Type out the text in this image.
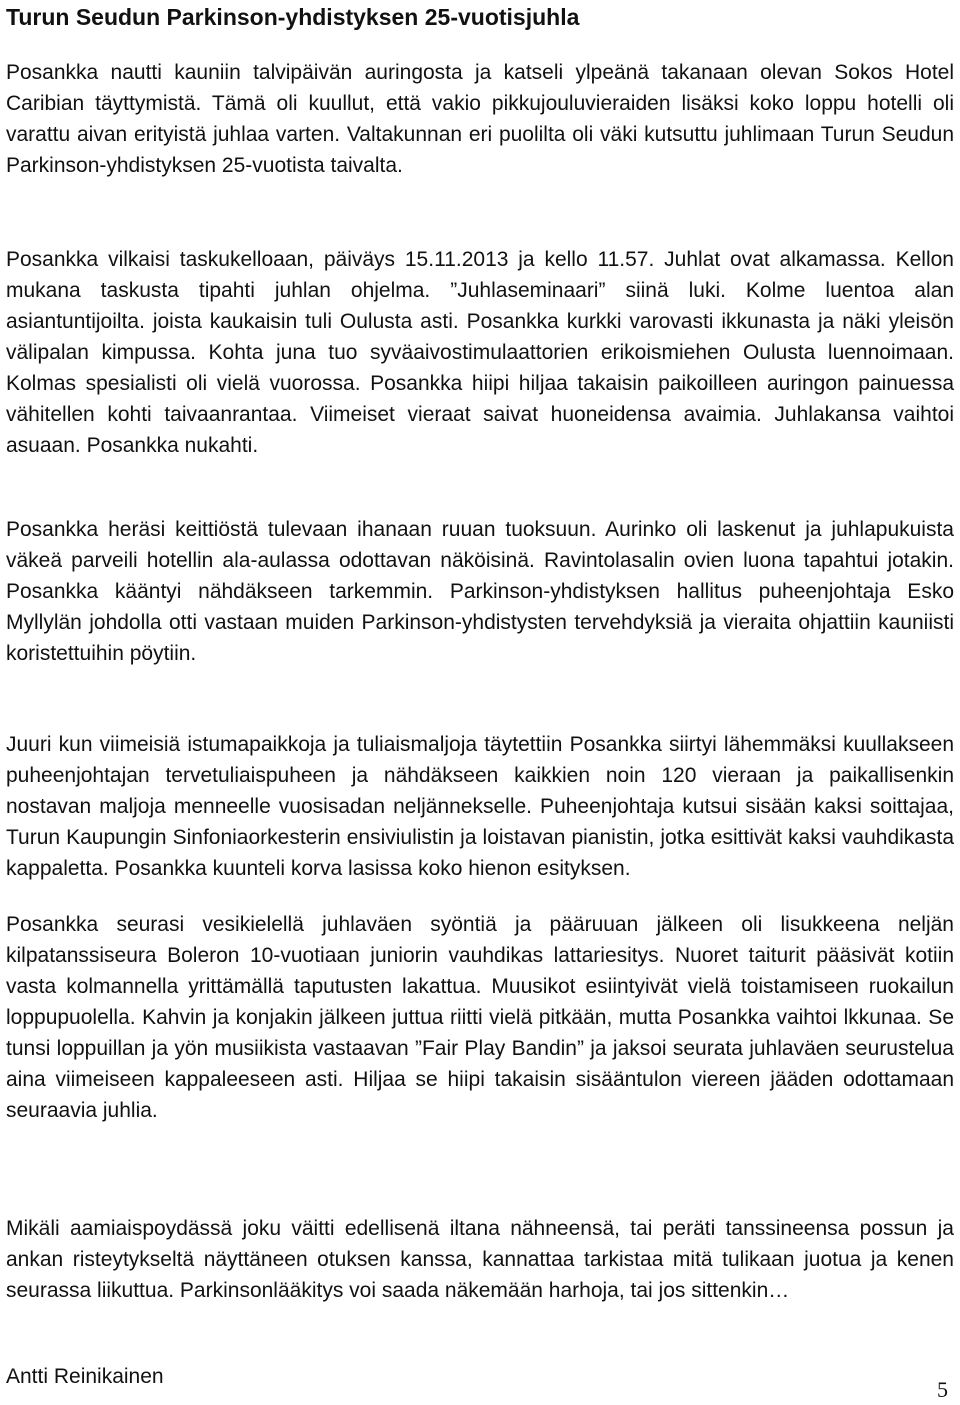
Turun Seudun Parkinson-yhdistyksen 25-vuotisjuhla

Posankka nautti kauniin talvipäivän auringosta ja katseli ylpeänä takanaan olevan Sokos Hotel Caribian täyttymistä. Tämä oli kuullut, että vakio pikkujouluvieraiden lisäksi koko loppu hotelli oli varattu aivan erityistä juhlaa varten. Valtakunnan eri puolilta oli väki kutsuttu juhlimaan Turun Seudun Parkinson-yhdistyksen 25-vuotista taivalta.

Posankka vilkaisi taskukelloaan, päiväys 15.11.2013 ja kello 11.57. Juhlat ovat alkamassa. Kellon mukana taskusta tipahti juhlan ohjelma. ”Juhlaseminaari” siinä luki. Kolme luentoa alan asiantuntijoilta. joista kaukaisin tuli Oulusta asti. Posankka kurkki varovasti ikkunasta ja näki yleisön välipalan kimpussa. Kohta juna tuo syväaivostimulaattorien erikoismiehen Oulusta luennoimaan. Kolmas spesialisti oli vielä vuorossa. Posankka hiipi hiljaa takaisin paikoilleen auringon painuessa vähitellen kohti taivaanrantaa. Viimeiset vieraat saivat huoneidensa avaimia. Juhlakansa vaihtoi asuaan. Posankka nukahti.

Posankka heräsi keittiöstä tulevaan ihanaan ruuan tuoksuun. Aurinko oli laskenut ja juhlapukuista väkeä parveili hotellin ala-aulassa odottavan näköisinä. Ravintolasalin ovien luona tapahtui jotakin. Posankka kääntyi nähdäkseen tarkemmin. Parkinson-yhdistyksen hallitus puheenjohtaja Esko Myllylän johdolla otti vastaan muiden Parkinson-yhdistysten tervehdyksiä ja vieraita ohjattiin kauniisti koristettuihin pöytiin.

Juuri kun viimeisiä istumapaikkoja ja tuliaismaljoja täytettiin Posankka siirtyi lähemmäksi kuullakseen puheenjohtajan tervetuliaispuheen ja nähdäkseen kaikkien noin 120 vieraan ja paikallisenkin nostavan maljoja menneelle vuosisadan neljännekselle. Puheenjohtaja kutsui sisään kaksi soittajaa, Turun Kaupungin Sinfoniaorkesterin ensiviulistin ja loistavan pianistin, jotka esittivät kaksi vauhdikasta kappaletta. Posankka kuunteli korva lasissa koko hienon esityksen.

Posankka seurasi vesikielellä juhlaväen syöntiä ja pääruuan jälkeen oli lisukkeena neljän kilpatanssiseura Boleron 10-vuotiaan juniorin vauhdikas lattariesitys. Nuoret taiturit pääsivät kotiin vasta kolmannella yrittämällä taputusten lakattua. Muusikot esiintyivät vielä toistamiseen ruokailun loppupuolella. Kahvin ja konjakin jälkeen juttua riitti vielä pitkään, mutta Posankka vaihtoi lkkunaa. Se tunsi loppuillan ja yön musiikista vastaavan ”Fair Play Bandin” ja jaksoi seurata juhlaväen seurustelua aina viimeiseen kappaleeseen asti. Hiljaa se hiipi takaisin sisääntulon viereen jääden odottamaan seuraavia juhlia.

Mikäli aamiaispoydässä joku väitti edellisenä iltana nähneensä, tai peräti tanssineensa possun ja ankan risteytykseltä näyttäneen otuksen kanssa, kannattaa tarkistaa mitä tulikaan juotua ja kenen seurassa liikuttua. Parkinsonlääkitys voi saada näkemään harhoja, tai jos sittenkin…

Antti Reinikainen

5
